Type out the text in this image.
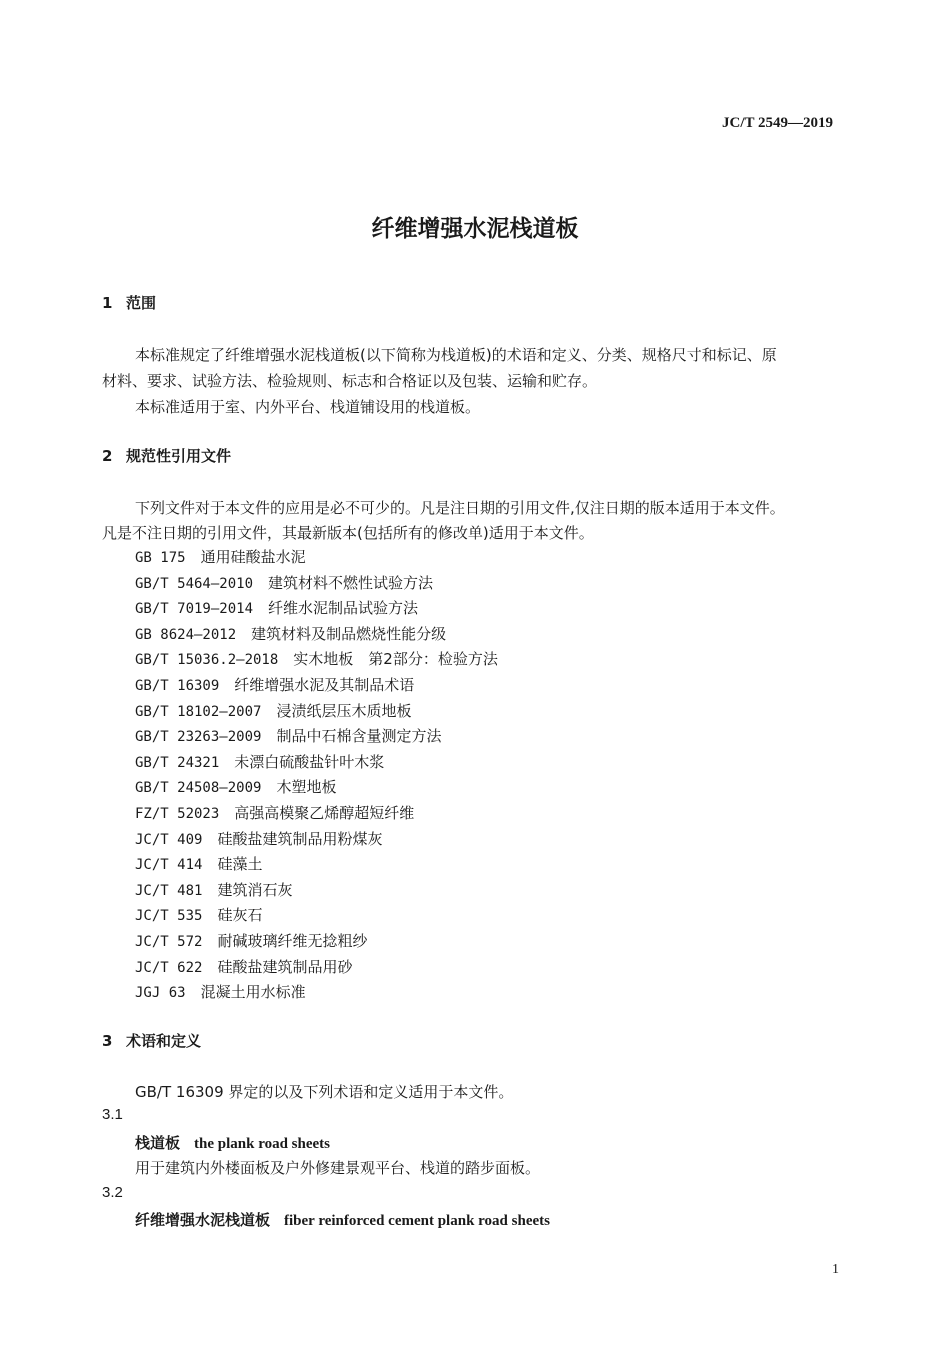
JC/T 2549—2019
纤维增强水泥栈道板
1 范围
本标准规定了纤维增强水泥栈道板(以下简称为栈道板)的术语和定义、分类、规格尺寸和标记、原
材料、要求、试验方法、检验规则、标志和合格证以及包装、运输和贮存。
本标准适用于室、内外平台、栈道铺设用的栈道板。
2 规范性引用文件
下列文件对于本文件的应用是必不可少的。凡是注日期的引用文件,仅注日期的版本适用于本文件。
凡是不注日期的引用文件，其最新版本(包括所有的修改单)适用于本文件。
GB 175  通用硅酸盐水泥
GB/T 5464—2010  建筑材料不燃性试验方法
GB/T 7019—2014  纤维水泥制品试验方法
GB 8624—2012  建筑材料及制品燃烧性能分级
GB/T 15036.2—2018  实木地板　第2部分：检验方法
GB/T 16309  纤维增强水泥及其制品术语
GB/T 18102—2007  浸渍纸层压木质地板
GB/T 23263—2009  制品中石棉含量测定方法
GB/T 24321  未漂白硫酸盐针叶木浆
GB/T 24508—2009  木塑地板
FZ/T 52023  高强高模聚乙烯醇超短纤维
JC/T 409  硅酸盐建筑制品用粉煤灰
JC/T 414  硅藻土
JC/T 481  建筑消石灰
JC/T 535  硅灰石
JC/T 572  耐碱玻璃纤维无捻粗纱
JC/T 622  硅酸盐建筑制品用砂
JGJ 63  混凝土用水标准
3 术语和定义
GB/T 16309 界定的以及下列术语和定义适用于本文件。
3.1
栈道板 the plank road sheets
用于建筑内外楼面板及户外修建景观平台、栈道的踏步面板。
3.2
纤维增强水泥栈道板 fiber reinforced cement plank road sheets
1
